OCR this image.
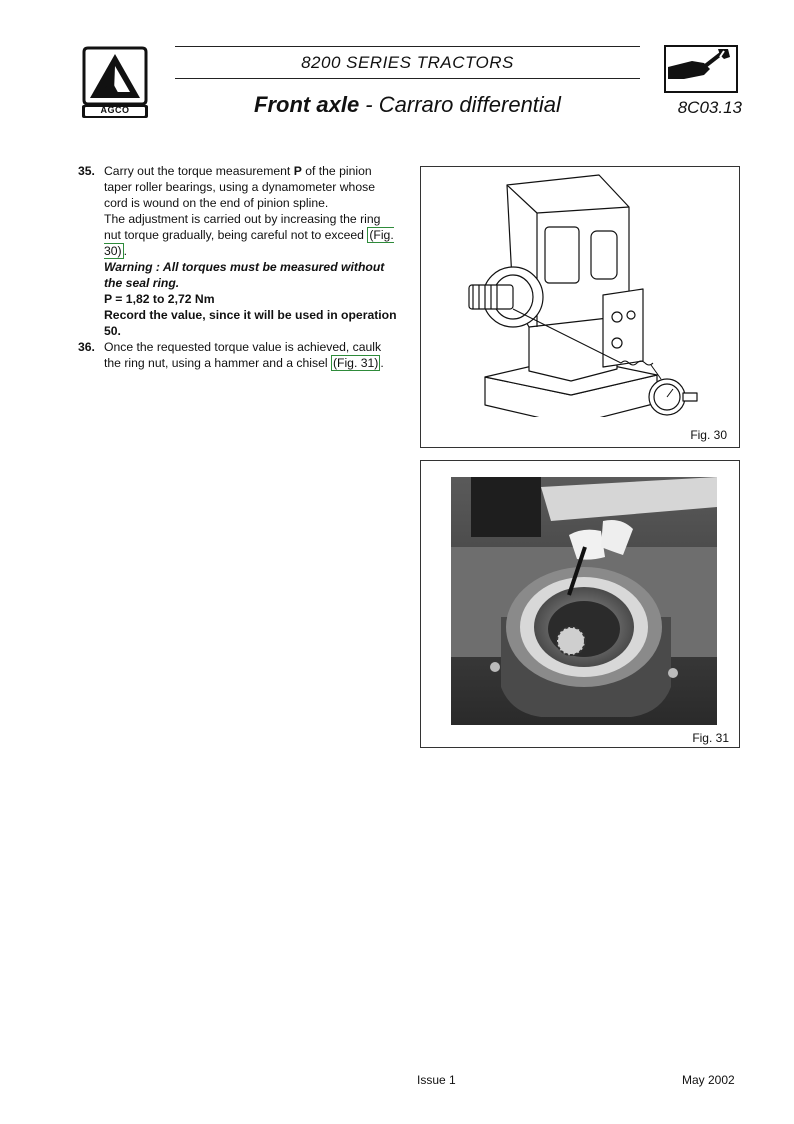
AGCO
8200 SERIES TRACTORS
Front axle - Carraro differential	8C03.13
35. Carry out the torque measurement P of the pinion taper roller bearings, using a dynamometer whose cord is wound on the end of pinion spline.

The adjustment is carried out by increasing the ring nut torque gradually, being careful not to exceed (Fig. 30) .

Warning : All torques must be measured without the seal ring.

P = 1,82 to 2,72 Nm

Record the value, since it will be used in operation 50.

36. Once the requested torque value is achieved, caulk the ring nut, using a hammer and a chisel (Fig. 31) .

Fig. 30
Fig. 31
Issue 1	May 2002
